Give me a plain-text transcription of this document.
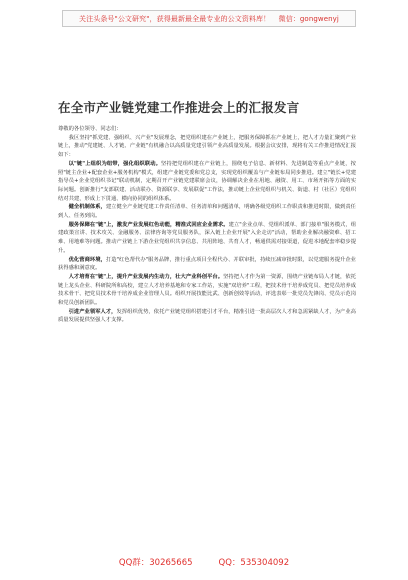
关注头条号"公文研究"，获得最新最全最专业的公文资料库！
微信：gongwenyj
在全市产业链党建工作推进会上的汇报发言

尊敬的各位领导、同志们：

我区坚持"抓党建、强组织、兴产业"发展理念，把党组织建在产业链上，把服务保障抓在产业链上，把人才力量汇聚到产业链上，推动"党建链、人才链、产业链"有机融合以高质量党建引领产业高质量发展。根据会议安排，现将有关工作推进情况汇报如下：

以"链"上组织为纽带，强化组织联动。坚持把党组织建在产业链上，围绕电子信息、新材料、先进制造等重点产业链，按照"链主企业+配套企业+服务机构"模式，组建产业链党委和党总支，实现党组织覆盖与产业链布局同步推进。建立"链长+党建指导员+企业党组织书记"联动机制，定期召开产业链党建联席会议，协调解决企业在用地、融资、用工、市场开拓等方面的实际问题。创新推行"支部联建、活动联办、资源联享、发展联促"工作法，推动链上企业党组织与机关、街道、村（社区）党组织结对共建，形成上下贯通、横向协同的组织体系。

健全机制体系，建立健全产业链党建工作责任清单、任务清单和问题清单，明确各级党组织工作职责和推进时限，做到责任到人、任务到岗。

服务保障在"链"上，激发产业发展红色动能，精准式回应企业需求。建立"企业点单、党组织派单、部门接单"服务模式，组建政策宣讲、技术攻关、金融服务、法律咨询等党员服务队，深入链上企业开展"入企走访"活动，帮助企业解决融资难、招工难、用地难等问题。推动产业链上下游企业党组织共享信息、共用阵地、共育人才，畅通供需对接渠道，促进本地配套率稳步提升。

优化营商环境，打造"红色帮代办"服务品牌，推行重点项目全程代办、并联审批，持续压减审批时限，以党建服务提升企业获得感和满意度。

人才培育在"链"上，提升产业发展内生动力，壮大产业科创平台。坚持把人才作为第一资源，围绕产业链布局人才链，依托链上龙头企业、科研院所和高校，建立人才培养基地和专家工作站，实施"双培养"工程，把技术骨干培养成党员、把党员培养成技术骨干、把党员技术骨干培养成企业管理人员。组织开展技能比武、创新创效等活动，评选表彰一批党员先锋岗、党员示范岗和党员创新团队。

引进产业领军人才，发挥组织优势，依托产业链党组织搭建引才平台，精准引进一批高层次人才和急需紧缺人才，为产业高质量发展提供坚强人才支撑。

QQ群：30265665	QQ：535304092
